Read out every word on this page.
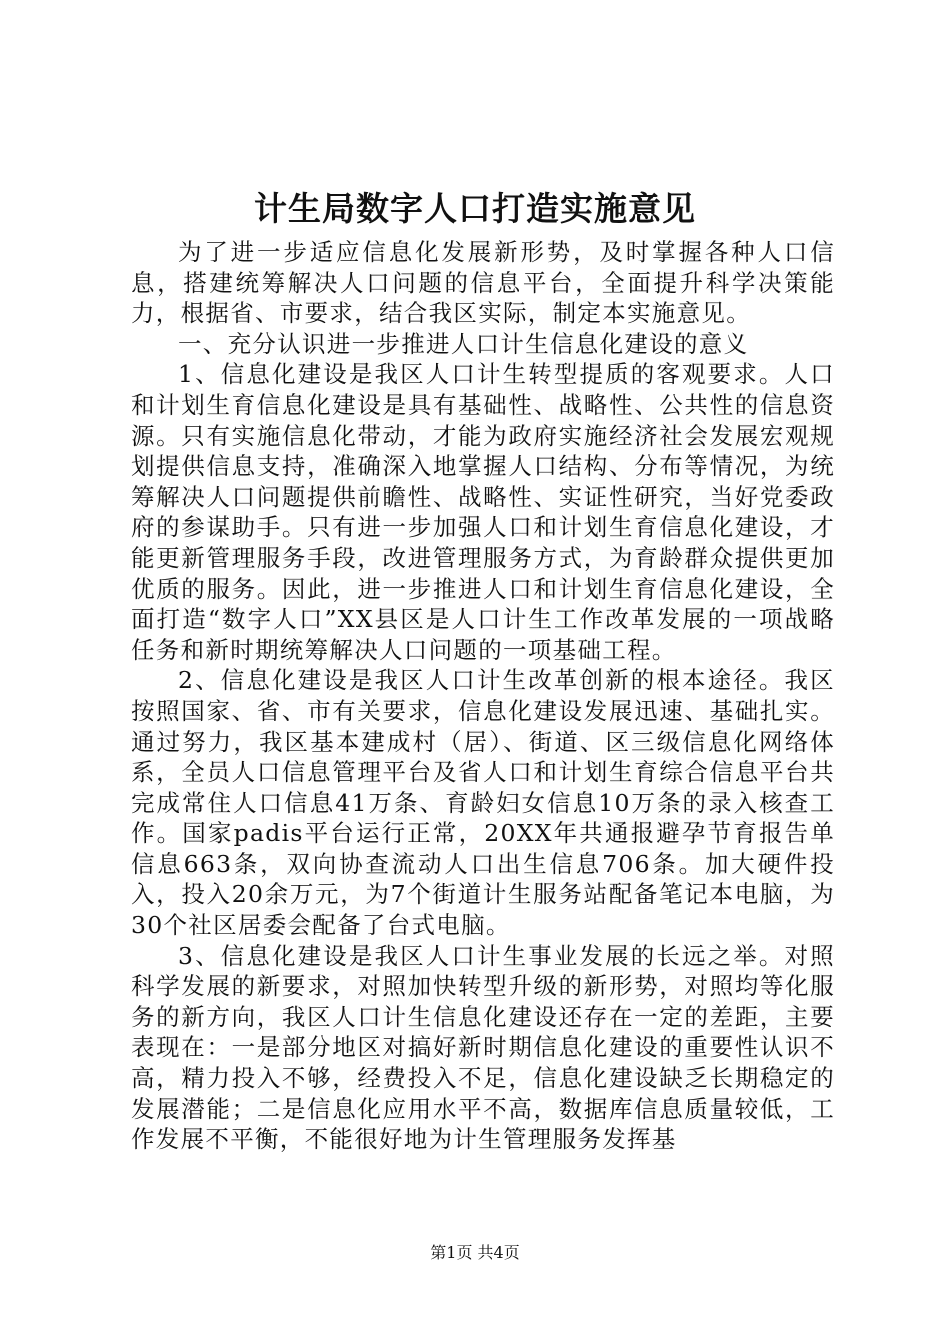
计生局数字人口打造实施意见

为了进一步适应信息化发展新形势，及时掌握各种人口信息，搭建统筹解决人口问题的信息平台，全面提升科学决策能力，根据省、市要求，结合我区实际，制定本实施意见。

一、充分认识进一步推进人口计生信息化建设的意义

1、信息化建设是我区人口计生转型提质的客观要求。人口和计划生育信息化建设是具有基础性、战略性、公共性的信息资源。只有实施信息化带动，才能为政府实施经济社会发展宏观规划提供信息支持，准确深入地掌握人口结构、分布等情况，为统筹解决人口问题提供前瞻性、战略性、实证性研究，当好党委政府的参谋助手。只有进一步加强人口和计划生育信息化建设，才能更新管理服务手段，改进管理服务方式，为育龄群众提供更加优质的服务。因此，进一步推进人口和计划生育信息化建设，全面打造“数字人口”XX县区是人口计生工作改革发展的一项战略任务和新时期统筹解决人口问题的一项基础工程。

2、信息化建设是我区人口计生改革创新的根本途径。我区按照国家、省、市有关要求，信息化建设发展迅速、基础扎实。通过努力，我区基本建成村（居）、街道、区三级信息化网络体系，全员人口信息管理平台及省人口和计划生育综合信息平台共完成常住人口信息41万条、育龄妇女信息10万条的录入核查工作。国家padis平台运行正常，20XX年共通报避孕节育报告单信息663条，双向协查流动人口出生信息706条。加大硬件投入，投入20余万元，为7个街道计生服务站配备笔记本电脑，为30个社区居委会配备了台式电脑。

3、信息化建设是我区人口计生事业发展的长远之举。对照科学发展的新要求，对照加快转型升级的新形势，对照均等化服务的新方向，我区人口计生信息化建设还存在一定的差距，主要表现在：一是部分地区对搞好新时期信息化建设的重要性认识不高，精力投入不够，经费投入不足，信息化建设缺乏长期稳定的发展潜能；二是信息化应用水平不高，数据库信息质量较低，工作发展不平衡，不能很好地为计生管理服务发挥基

第1页 共4页
